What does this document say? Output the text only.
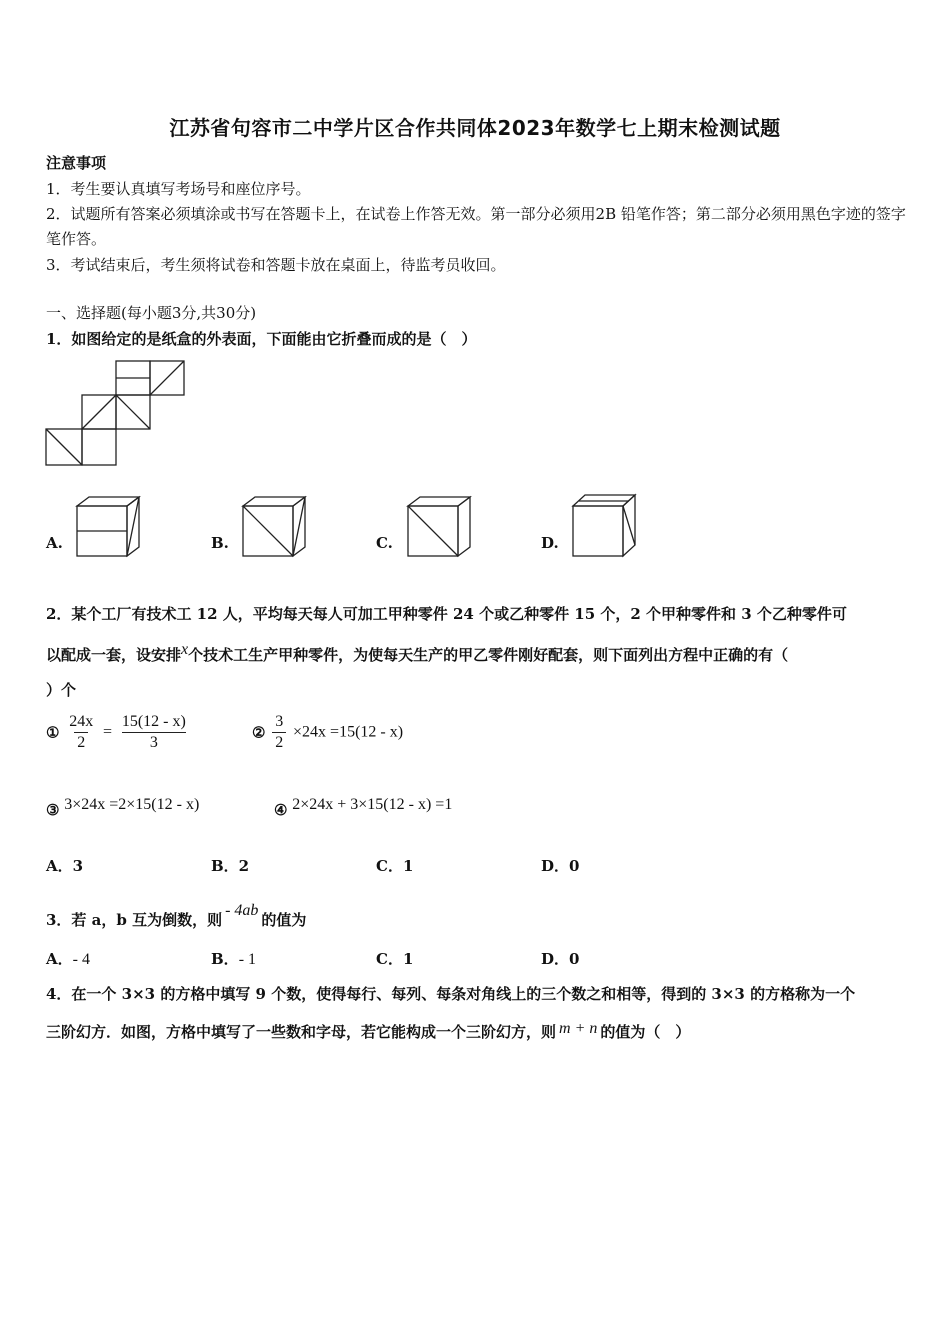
江苏省句容市二中学片区合作共同体2023年数学七上期末检测试题
注意事项
1．考生要认真填写考场号和座位序号。
2．试题所有答案必须填涂或书写在答题卡上，在试卷上作答无效。第一部分必须用2B 铅笔作答；第二部分必须用黑色字迹的签字笔作答。
3．考试结束后，考生须将试卷和答题卡放在桌面上，待监考员收回。
一、选择题(每小题3分,共30分)
1．如图给定的是纸盒的外表面，下面能由它折叠而成的是（　）
A.	B.	C.	D.
2．某个工厂有技术工 12 人，平均每天每人可加工甲种零件 24 个或乙种零件 15 个，2 个甲种零件和 3 个乙种零件可
以配成一套，设安排x个技术工生产甲种零件，为使每天生产的甲乙零件刚好配套，则下面列出方程中正确的有（
）个
① $\frac{24x}{2} = \frac{15(12 - x)}{3}$	② $\frac{3}{2} \times 24x =15(12 - x)$
③ 3×24x =2×15(12 - x)	④ 2×24x + 3×15(12 - x) =1
A．3	B．2	C．1	D．0
3．若 a，b 互为倒数，则- 4ab的值为
A．- 4	B．- 1	C．1	D．0
4．在一个 3×3 的方格中填写 9 个数，使得每行、每列、每条对角线上的三个数之和相等，得到的 3×3 的方格称为一个
三阶幻方．如图，方格中填写了一些数和字母，若它能构成一个三阶幻方，则 m + n 的值为（　）
